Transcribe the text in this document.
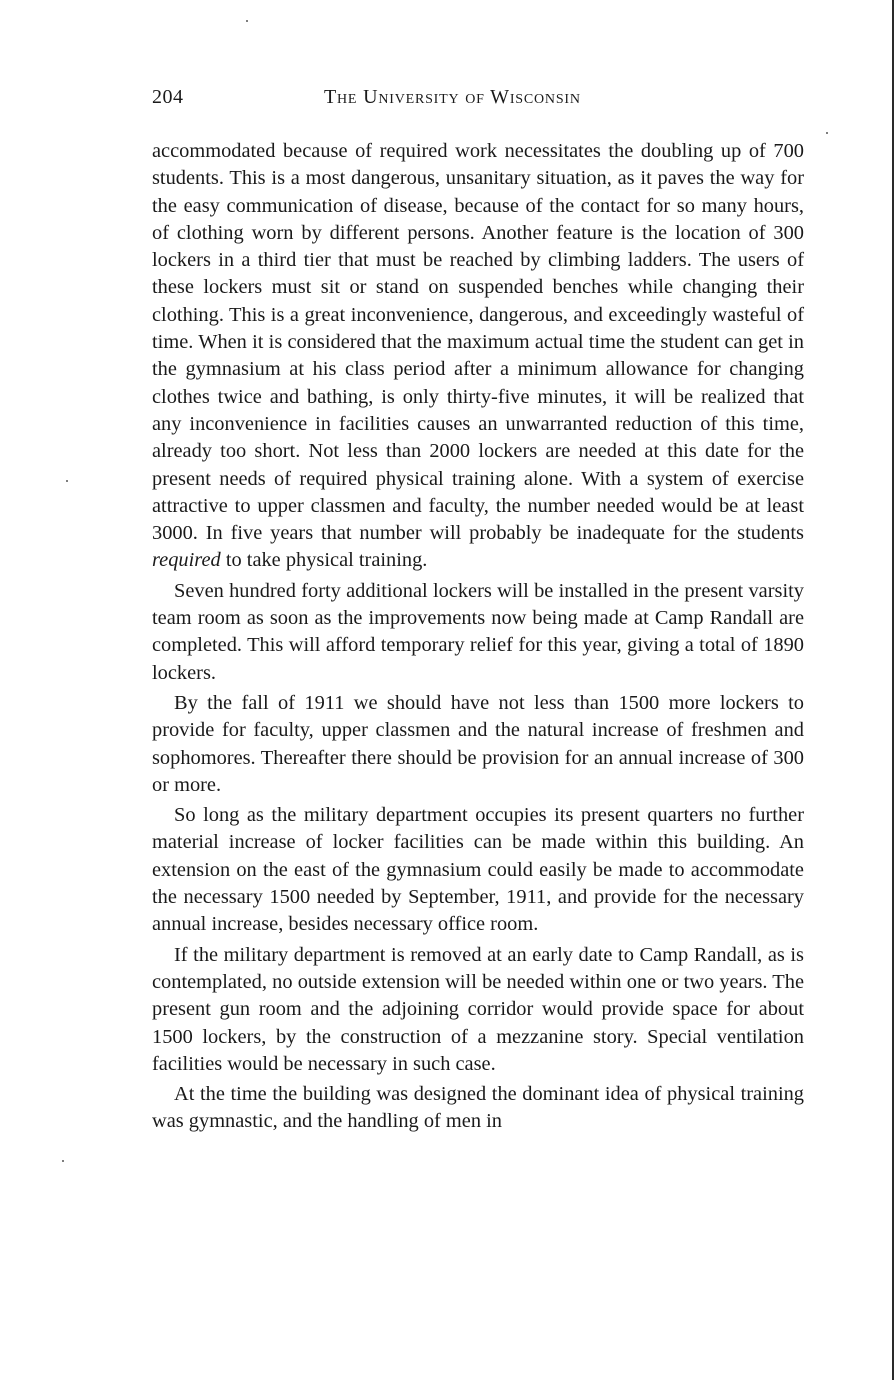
204	The University of Wisconsin

accommodated because of required work necessitates the doubling up of 700 students. This is a most dangerous, unsanitary situation, as it paves the way for the easy communication of disease, because of the contact for so many hours, of clothing worn by different persons. Another feature is the location of 300 lockers in a third tier that must be reached by climbing ladders. The users of these lockers must sit or stand on suspended benches while changing their clothing. This is a great inconvenience, dangerous, and exceedingly wasteful of time. When it is considered that the maximum actual time the student can get in the gymnasium at his class period after a minimum allowance for changing clothes twice and bathing, is only thirty-five minutes, it will be realized that any inconvenience in facilities causes an unwarranted reduction of this time, already too short. Not less than 2000 lockers are needed at this date for the present needs of required physical training alone. With a system of exercise attractive to upper classmen and faculty, the number needed would be at least 3000. In five years that number will probably be inadequate for the students required to take physical training.

Seven hundred forty additional lockers will be installed in the present varsity team room as soon as the improvements now being made at Camp Randall are completed. This will afford temporary relief for this year, giving a total of 1890 lockers.

By the fall of 1911 we should have not less than 1500 more lockers to provide for faculty, upper classmen and the natural increase of freshmen and sophomores. Thereafter there should be provision for an annual increase of 300 or more.

So long as the military department occupies its present quarters no further material increase of locker facilities can be made within this building. An extension on the east of the gymnasium could easily be made to accommodate the necessary 1500 needed by September, 1911, and provide for the necessary annual increase, besides necessary office room.

If the military department is removed at an early date to Camp Randall, as is contemplated, no outside extension will be needed within one or two years. The present gun room and the adjoining corridor would provide space for about 1500 lockers, by the construction of a mezzanine story. Special ventilation facilities would be necessary in such case.

At the time the building was designed the dominant idea of physical training was gymnastic, and the handling of men in
